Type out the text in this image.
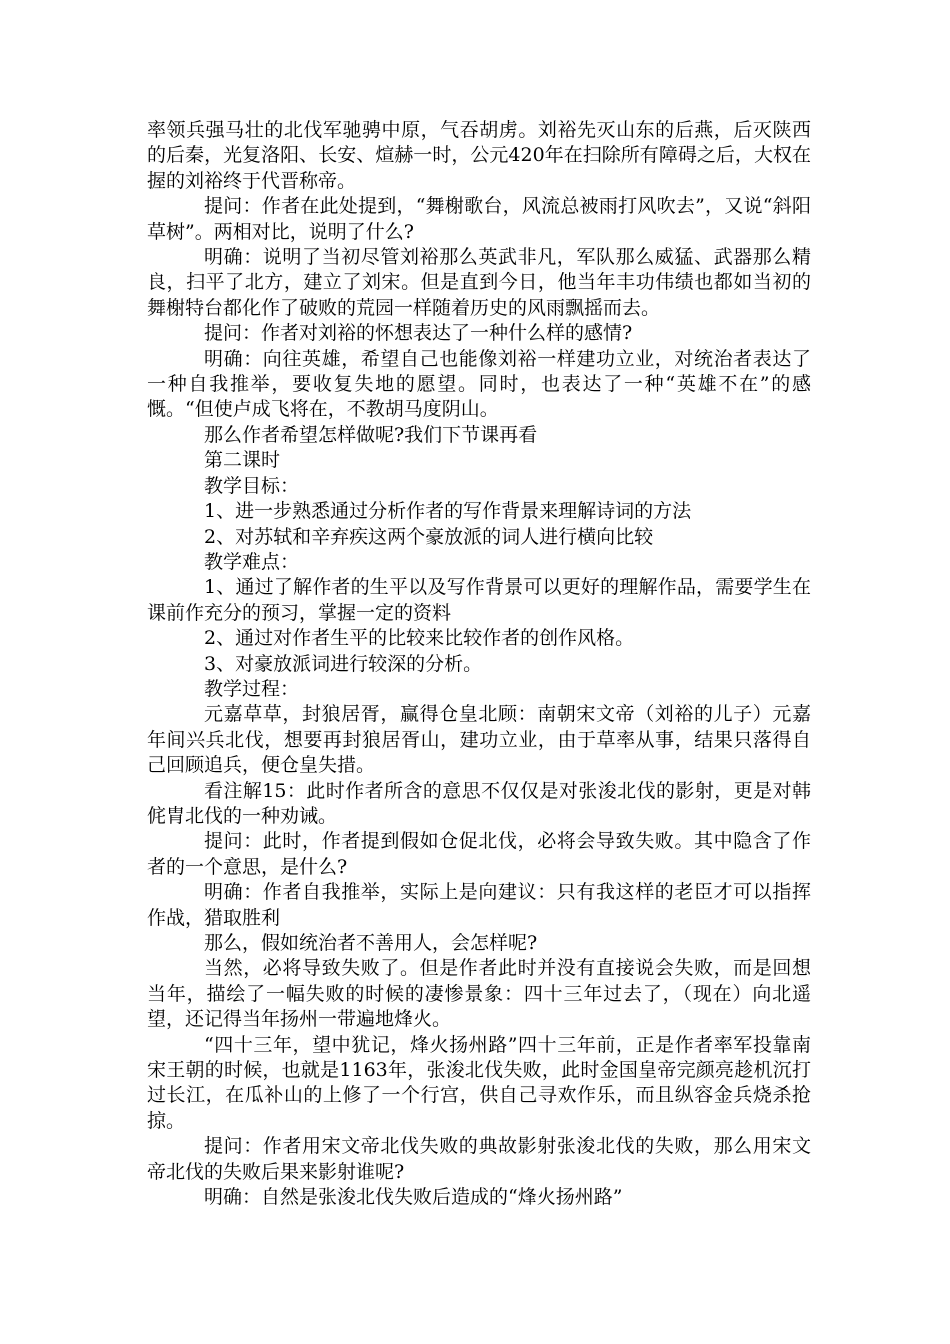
率领兵强马壮的北伐军驰骋中原，气吞胡虏。刘裕先灭山东的后燕，后灭陕西的后秦，光复洛阳、长安、煊赫一时，公元420年在扫除所有障碍之后，大权在握的刘裕终于代晋称帝。

提问：作者在此处提到，“舞榭歌台，风流总被雨打风吹去”，又说“斜阳草树”。两相对比，说明了什么?

明确：说明了当初尽管刘裕那么英武非凡，军队那么威猛、武器那么精良，扫平了北方，建立了刘宋。但是直到今日，他当年丰功伟绩也都如当初的舞榭特台都化作了破败的荒园一样随着历史的风雨飘摇而去。

提问：作者对刘裕的怀想表达了一种什么样的感情?

明确：向往英雄，希望自己也能像刘裕一样建功立业，对统治者表达了一种自我推举，要收复失地的愿望。同时，也表达了一种“英雄不在”的感慨。“但使卢成飞将在，不教胡马度阴山。

那么作者希望怎样做呢?我们下节课再看

第二课时

教学目标：

1、进一步熟悉通过分析作者的写作背景来理解诗词的方法

2、对苏轼和辛弃疾这两个豪放派的词人进行横向比较

教学难点：

1、通过了解作者的生平以及写作背景可以更好的理解作品，需要学生在课前作充分的预习，掌握一定的资料

2、通过对作者生平的比较来比较作者的创作风格。

3、对豪放派词进行较深的分析。

教学过程：

元嘉草草，封狼居胥，赢得仓皇北顾：南朝宋文帝（刘裕的儿子）元嘉年间兴兵北伐，想要再封狼居胥山，建功立业，由于草率从事，结果只落得自己回顾追兵，便仓皇失措。

看注解15：此时作者所含的意思不仅仅是对张浚北伐的影射，更是对韩侂胄北伐的一种劝诫。

提问：此时，作者提到假如仓促北伐，必将会导致失败。其中隐含了作者的一个意思，是什么?

明确：作者自我推举，实际上是向建议：只有我这样的老臣才可以指挥作战，猎取胜利

那么，假如统治者不善用人，会怎样呢?

当然，必将导致失败了。但是作者此时并没有直接说会失败，而是回想当年，描绘了一幅失败的时候的凄惨景象：四十三年过去了，（现在）向北遥望，还记得当年扬州一带遍地烽火。

“四十三年，望中犹记，烽火扬州路”四十三年前，正是作者率军投靠南宋王朝的时候，也就是1163年，张浚北伐失败，此时金国皇帝完颜亮趁机沉打过长江，在瓜补山的上修了一个行宫，供自己寻欢作乐，而且纵容金兵烧杀抢掠。

提问：作者用宋文帝北伐失败的典故影射张浚北伐的失败，那么用宋文帝北伐的失败后果来影射谁呢?

明确：自然是张浚北伐失败后造成的“烽火扬州路”
